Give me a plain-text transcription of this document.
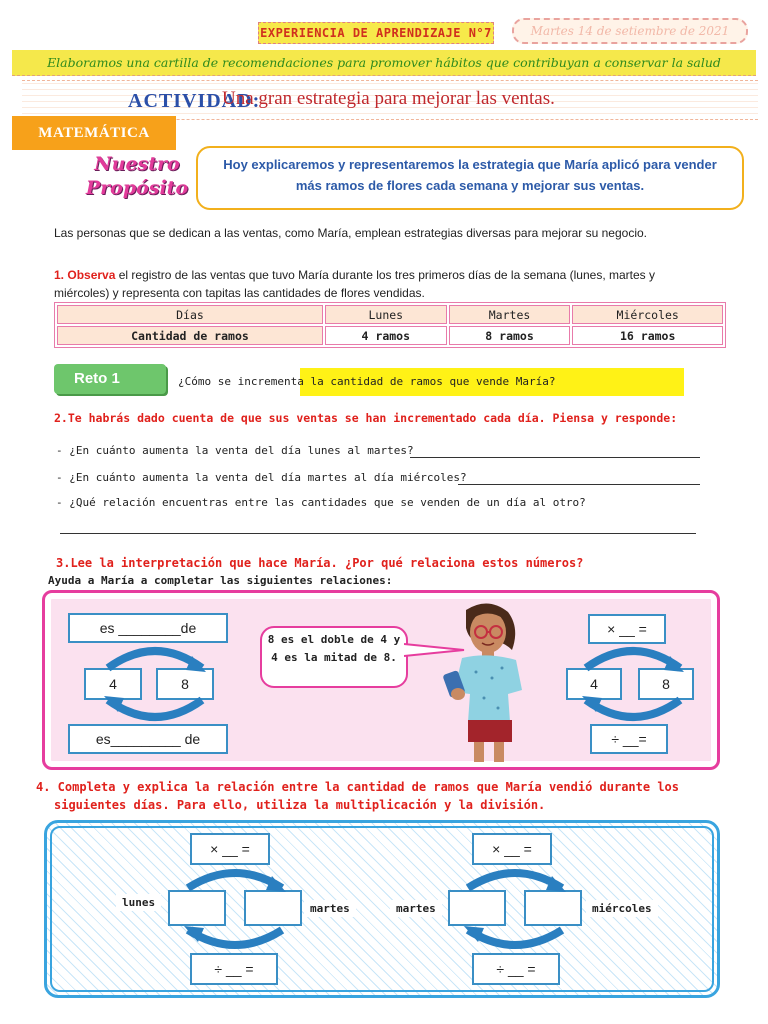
EXPERIENCIA DE APRENDIZAJE N°7	Martes 14 de setiembre de 2021
Elaboramos una cartilla de recomendaciones para promover hábitos que contribuyan a conservar la salud
ACTIVIDAD:
Una gran estrategia para mejorar las ventas.
MATEMÁTICA
Nuestro
Propósito
Hoy explicaremos y representaremos la estrategia que María aplicó para vender más ramos de flores cada semana y mejorar sus ventas.
Las personas que se dedican a las ventas, como María, emplean estrategias diversas para mejorar su negocio.
1. Observa el registro de las ventas que tuvo María durante los tres primeros días de la semana (lunes, martes y miércoles) y representa con tapitas las cantidades de flores vendidas.
Días	Lunes	Martes	Miércoles
Cantidad de ramos	4 ramos	8 ramos	16 ramos
Reto 1	¿Cómo se incrementa la cantidad de ramos que vende María?
2.Te habrás dado cuenta de que sus ventas se han incrementado cada día. Piensa y responde:
- ¿En cuánto aumenta la venta del día lunes al martes?
- ¿En cuánto aumenta la venta del día martes al día miércoles?
- ¿Qué relación encuentras entre las cantidades que se venden de un día al otro?
3.Lee la interpretación que hace María. ¿Por qué relaciona estos números?
Ayuda a María a completar las siguientes relaciones:
es ________de
4	8
es_________ de
8 es el doble de 4 y 4 es la mitad de 8.
× __ =
4	8
÷ __=
4. Completa y explica la relación entre la cantidad de ramos que María vendió durante los
siguientes días. Para ello, utiliza la multiplicación y la división.
× __ =
÷ __ =
lunes	martes
× __ =
÷ __ =
martes	miércoles
